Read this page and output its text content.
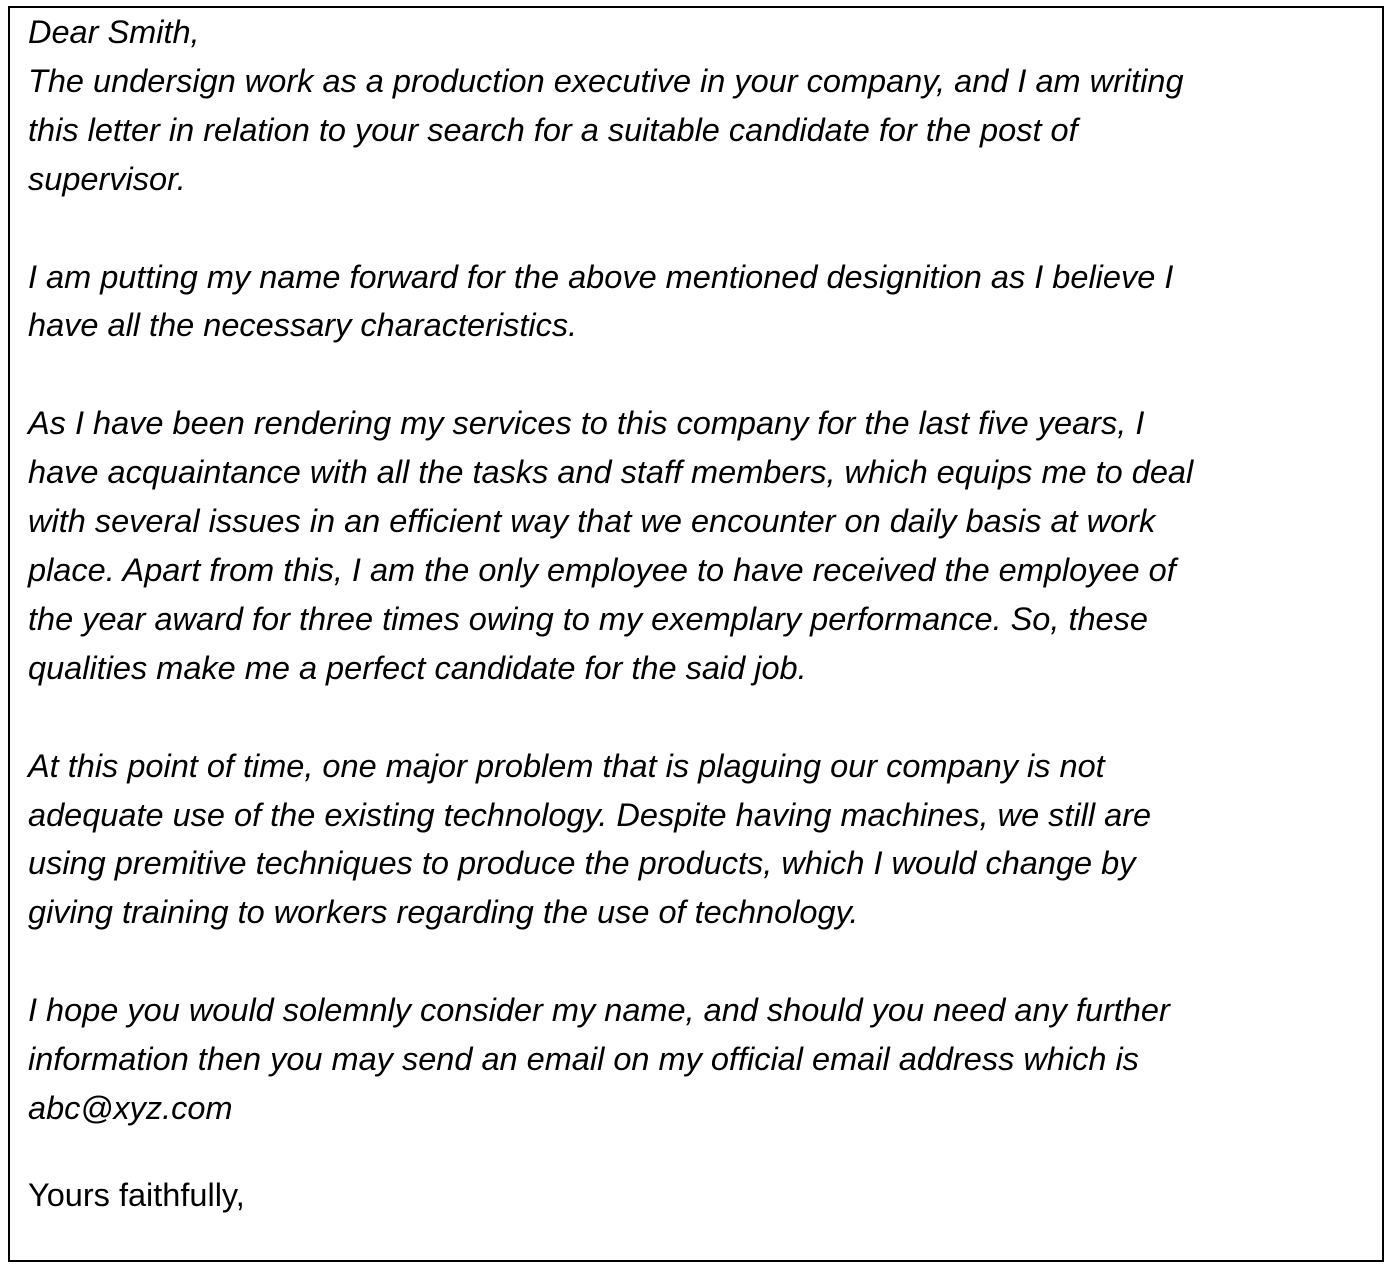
Dear Smith,
The undersign work as a production executive in your company, and I am writing
this letter in relation to your search for a suitable candidate for the post of
supervisor.

I am putting my name forward for the above mentioned designition as I believe I
have all the necessary characteristics.

As I have been rendering my services to this company for the last five years, I
have acquaintance with all the tasks and staff members, which equips me to deal
with several issues in an efficient way that we encounter on daily basis at work
place. Apart from this, I am the only employee to have received the employee of
the year award for three times owing to my exemplary performance. So, these
qualities make me a perfect candidate for the said job.

At this point of time, one major problem that is plaguing our company is not
adequate use of the existing technology. Despite having machines, we still are
using premitive techniques to produce the products, which I would change by
giving training to workers regarding the use of technology.

I hope you would solemnly consider my name, and should you need any further
information then you may send an email on my official email address which is
abc@xyz.com

Yours faithfully,
